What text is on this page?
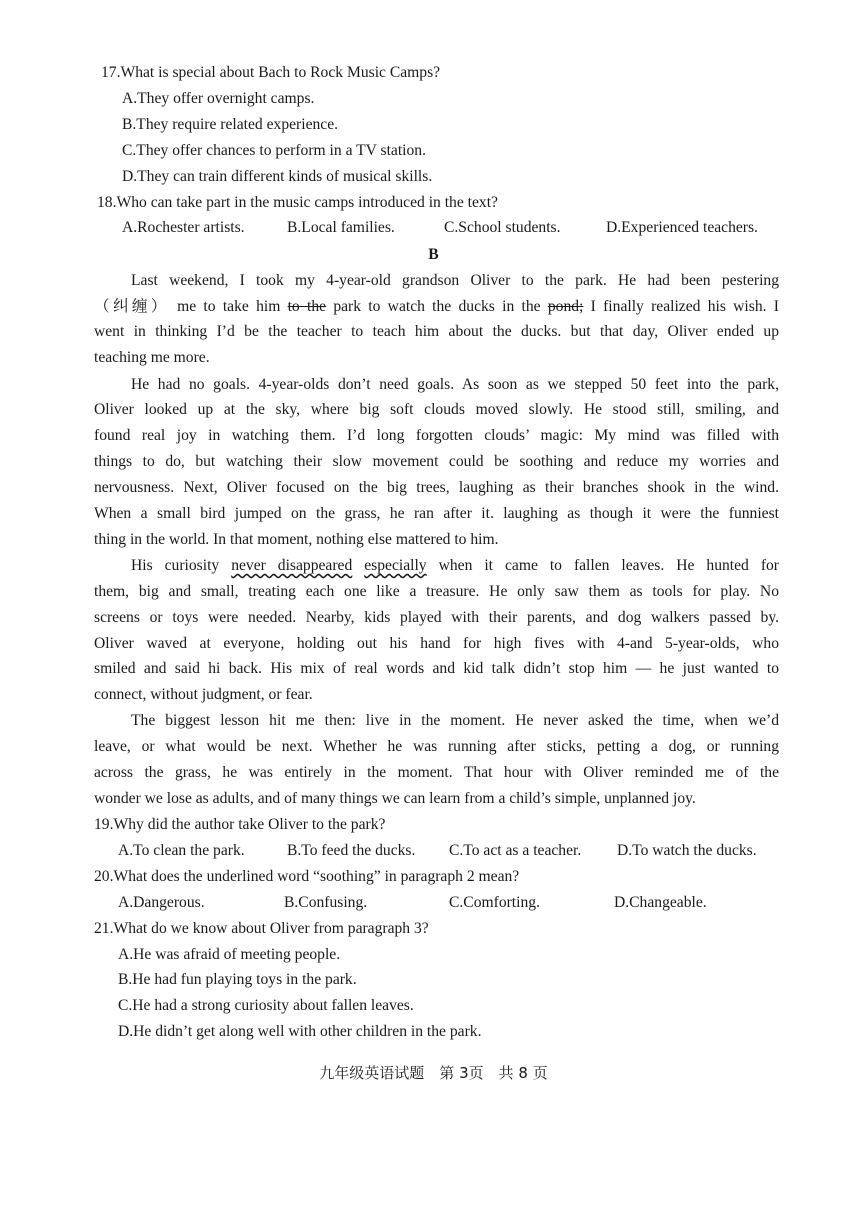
17.What is special about Bach to Rock Music Camps?
A.They offer overnight camps.
B.They require related experience.
C.They offer chances to perform in a TV station.
D.They can train different kinds of musical skills.
18.Who can take part in the music camps introduced in the text?
A.Rochester artists.	B.Local families.	C.School students.	D.Experienced teachers.
B
Last weekend, I took my 4-year-old grandson Oliver to the park. He had been pestering
（纠缠） me to take him to the park to watch the ducks in the pond; I finally realized his wish. I
went in thinking I’d be the teacher to teach him about the ducks. but that day, Oliver ended up
teaching me more.
He had no goals. 4-year-olds don’t need goals. As soon as we stepped 50 feet into the park,
Oliver looked up at the sky, where big soft clouds moved slowly. He stood still, smiling, and
found real joy in watching them. I’d long forgotten clouds’ magic: My mind was filled with
things to do, but watching their slow movement could be soothing and reduce my worries and
nervousness. Next, Oliver focused on the big trees, laughing as their branches shook in the wind.
When a small bird jumped on the grass, he ran after it. laughing as though it were the funniest
thing in the world. In that moment, nothing else mattered to him.
His curiosity never disappeared especially when it came to fallen leaves. He hunted for
them, big and small, treating each one like a treasure. He only saw them as tools for play. No
screens or toys were needed. Nearby, kids played with their parents, and dog walkers passed by.
Oliver waved at everyone, holding out his hand for high fives with 4-and 5-year-olds, who
smiled and said hi back. His mix of real words and kid talk didn’t stop him — he just wanted to
connect, without judgment, or fear.
The biggest lesson hit me then: live in the moment. He never asked the time, when we’d
leave, or what would be next. Whether he was running after sticks, petting a dog, or running
across the grass, he was entirely in the moment. That hour with Oliver reminded me of the
wonder we lose as adults, and of many things we can learn from a child’s simple, unplanned joy.
19.Why did the author take Oliver to the park?
A.To clean the park.	B.To feed the ducks. C.To act as a teacher. D.To watch the ducks.
20.What does the underlined word “soothing” in paragraph 2 mean?
A.Dangerous.	B.Confusing.	C.Comforting.	D.Changeable.
21.What do we know about Oliver from paragraph 3?
A.He was afraid of meeting people.
B.He had fun playing toys in the park.
C.He had a strong curiosity about fallen leaves.
D.He didn’t get along well with other children in the park.
九年级英语试题　第 3页　共 8 页
